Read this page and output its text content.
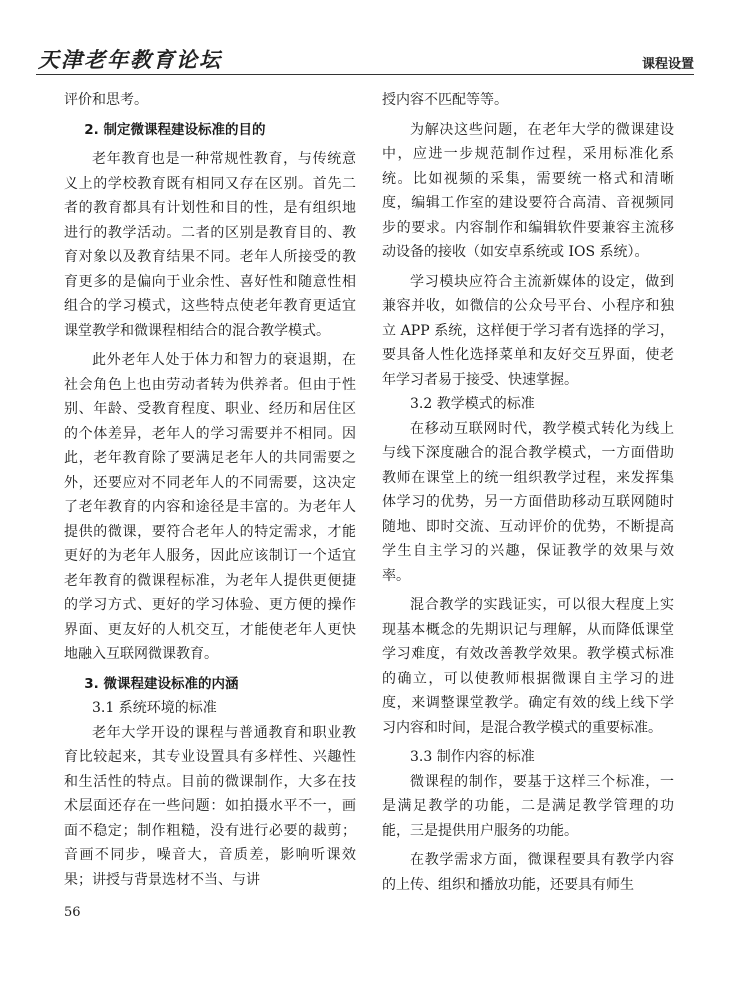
天津老年教育论坛	课程设置

评价和思考。

2. 制定微课程建设标准的目的

老年教育也是一种常规性教育，与传统意义上的学校教育既有相同又存在区别。首先二者的教育都具有计划性和目的性，是有组织地进行的教学活动。二者的区别是教育目的、教育对象以及教育结果不同。老年人所接受的教育更多的是偏向于业余性、喜好性和随意性相组合的学习模式，这些特点使老年教育更适宜课堂教学和微课程相结合的混合教学模式。

此外老年人处于体力和智力的衰退期，在社会角色上也由劳动者转为供养者。但由于性别、年龄、受教育程度、职业、经历和居住区的个体差异，老年人的学习需要并不相同。因此，老年教育除了要满足老年人的共同需要之外，还要应对不同老年人的不同需要，这决定了老年教育的内容和途径是丰富的。为老年人提供的微课，要符合老年人的特定需求，才能更好的为老年人服务，因此应该制订一个适宜老年教育的微课程标准，为老年人提供更便捷的学习方式、更好的学习体验、更方便的操作界面、更友好的人机交互，才能使老年人更快地融入互联网微课教育。

3. 微课程建设标准的内涵

3.1 系统环境的标准

老年大学开设的课程与普通教育和职业教育比较起来，其专业设置具有多样性、兴趣性和生活性的特点。目前的微课制作，大多在技术层面还存在一些问题：如拍摄水平不一，画面不稳定；制作粗糙，没有进行必要的裁剪；音画不同步，噪音大，音质差，影响听课效果；讲授与背景选材不当、与讲

授内容不匹配等等。

为解决这些问题，在老年大学的微课建设中，应进一步规范制作过程，采用标准化系统。比如视频的采集，需要统一格式和清晰度，编辑工作室的建设要符合高清、音视频同步的要求。内容制作和编辑软件要兼容主流移动设备的接收（如安卓系统或 IOS 系统）。

学习模块应符合主流新媒体的设定，做到兼容并收，如微信的公众号平台、小程序和独立 APP 系统，这样便于学习者有选择的学习，要具备人性化选择菜单和友好交互界面，使老年学习者易于接受、快速掌握。

3.2 教学模式的标准

在移动互联网时代，教学模式转化为线上与线下深度融合的混合教学模式，一方面借助教师在课堂上的统一组织教学过程，来发挥集体学习的优势，另一方面借助移动互联网随时随地、即时交流、互动评价的优势，不断提高学生自主学习的兴趣，保证教学的效果与效率。

混合教学的实践证实，可以很大程度上实现基本概念的先期识记与理解，从而降低课堂学习难度，有效改善教学效果。教学模式标准的确立，可以使教师根据微课自主学习的进度，来调整课堂教学。确定有效的线上线下学习内容和时间，是混合教学模式的重要标准。

3.3 制作内容的标准

微课程的制作，要基于这样三个标准，一是满足教学的功能，二是满足教学管理的功能，三是提供用户服务的功能。

在教学需求方面，微课程要具有教学内容的上传、组织和播放功能，还要具有师生

56
